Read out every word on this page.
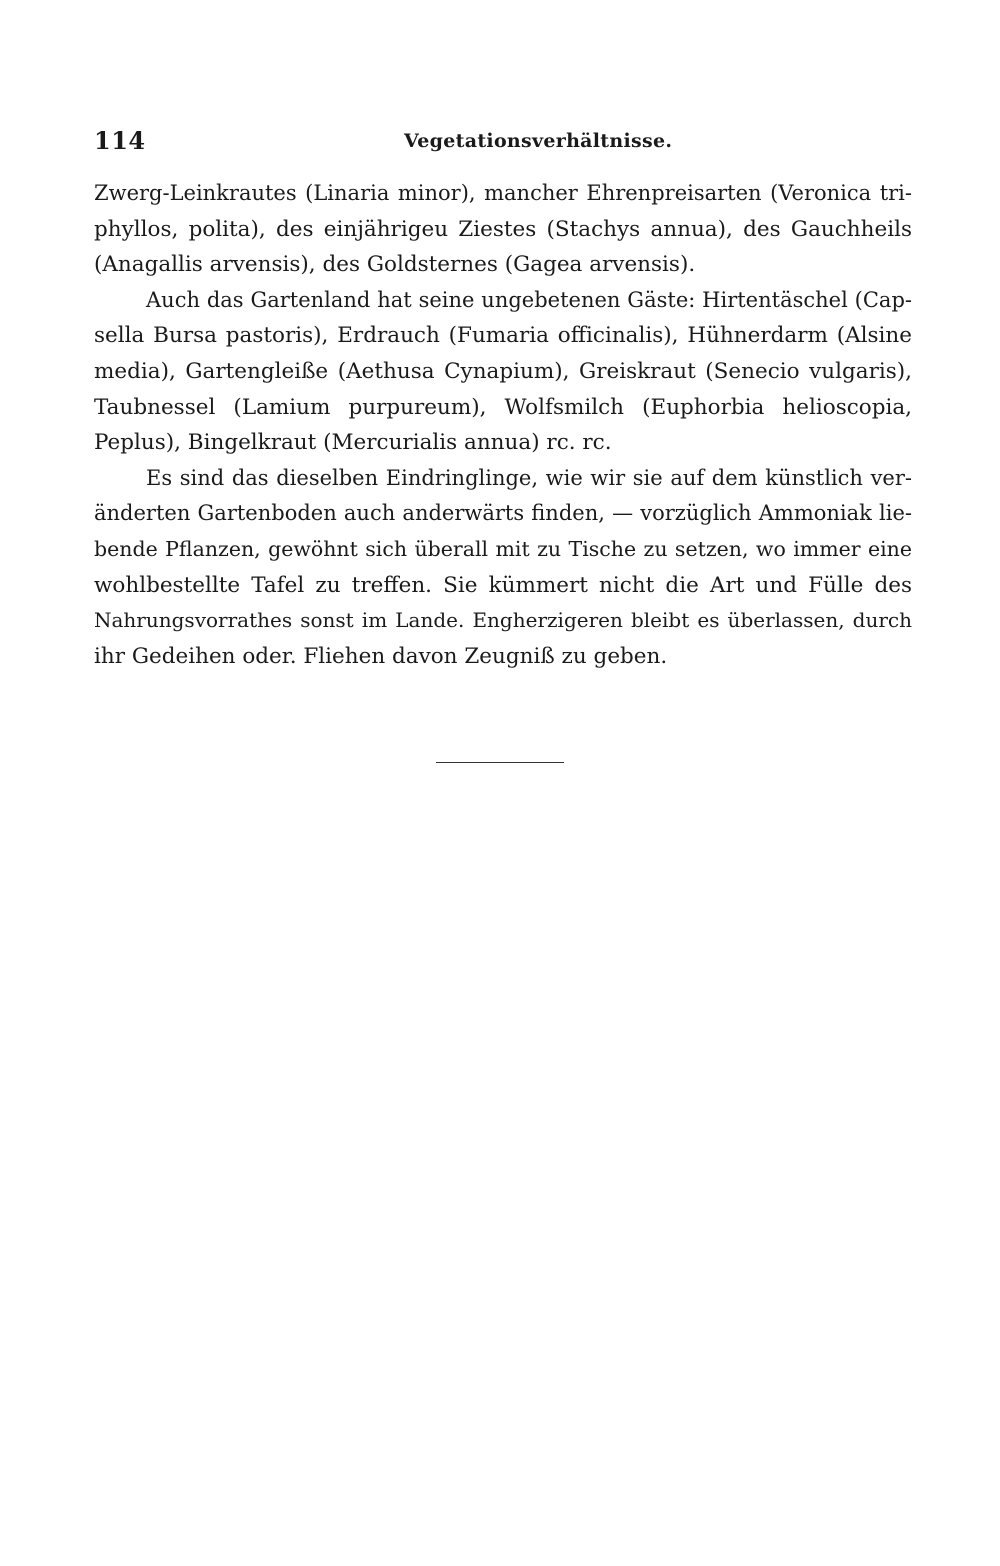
114	Vegetationsverhältnisse.
Zwerg-Leinkrautes (Linaria minor), mancher Ehrenpreisarten (Veronica tri-
phyllos, polita), des einjährigeu Ziestes (Stachys annua), des Gauchheils
(Anagallis arvensis), des Goldsternes (Gagea arvensis).
Auch das Gartenland hat seine ungebetenen Gäste: Hirtentäschel (Cap-
sella Bursa pastoris), Erdrauch (Fumaria officinalis), Hühnerdarm (Alsine
media), Gartengleiße (Aethusa Cynapium), Greiskraut (Senecio vulgaris),
Taubnessel (Lamium purpureum), Wolfsmilch (Euphorbia helioscopia,
Peplus), Bingelkraut (Mercurialis annua) rc. rc.
Es sind das dieselben Eindringlinge, wie wir sie auf dem künstlich ver-
änderten Gartenboden auch anderwärts finden, — vorzüglich Ammoniak lie-
bende Pflanzen, gewöhnt sich überall mit zu Tische zu setzen, wo immer eine
wohlbestellte Tafel zu treffen. Sie kümmert nicht die Art und Fülle des
Nahrungsvorrathes sonst im Lande. Engherzigeren bleibt es überlassen, durch
ihr Gedeihen oder. Fliehen davon Zeugniß zu geben.
